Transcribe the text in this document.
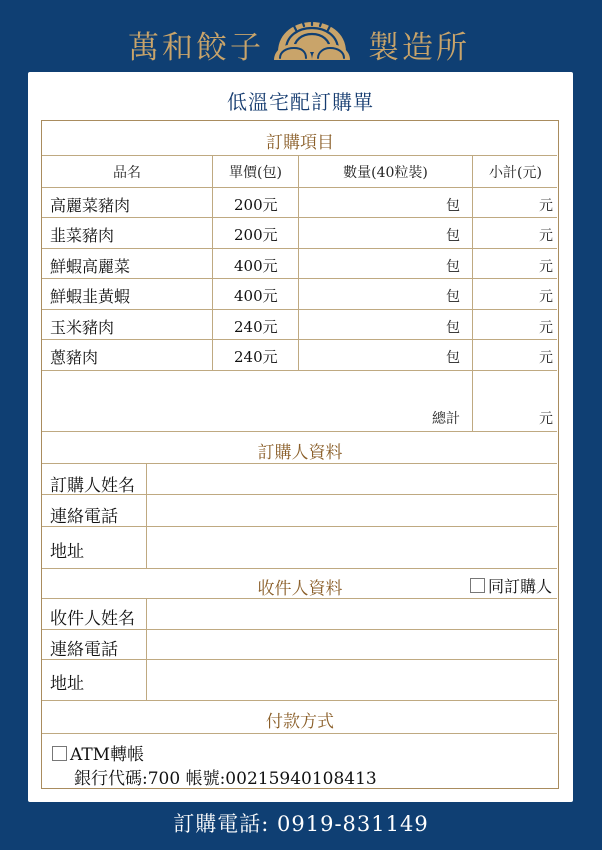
萬和餃子	製造所
低溫宅配訂購單
訂購項目
品名	單價(包)	數量(40粒裝)	小計(元)
高麗菜豬肉	200元	包	元
韭菜豬肉	200元	包	元
鮮蝦高麗菜	400元	包	元
鮮蝦韭黃蝦	400元	包	元
玉米豬肉	240元	包	元
蔥豬肉	240元	包	元
總計	元
訂購人資料
訂購人姓名
連絡電話
地址
收件人資料	同訂購人
收件人姓名
連絡電話
地址
付款方式
ATM轉帳
銀行代碼:700 帳號:00215940108413
訂購電話: 0919-831149
